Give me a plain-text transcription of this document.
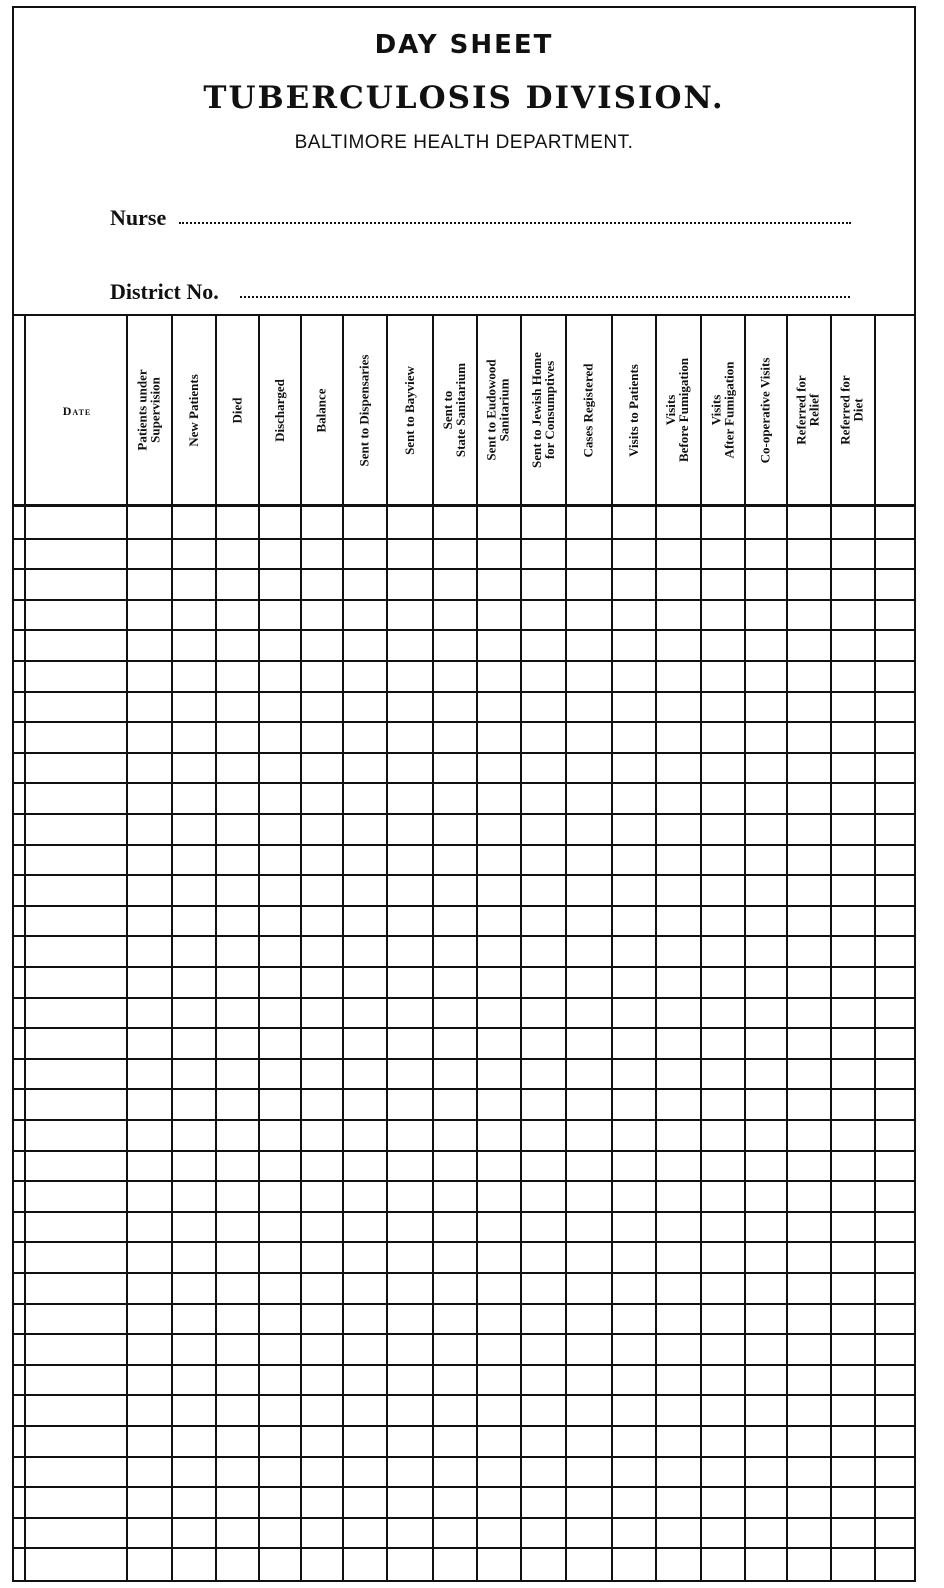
DAY SHEET
TUBERCULOSIS DIVISION.
BALTIMORE HEALTH DEPARTMENT.
Nurse
District No.
Date	Patients under
Supervision New Patients Died Discharged Balance Sent to Dispensaries Sent to Bayview Sent to
State Sanitarium Sent to Eudowood
Sanitarium Sent to Jewish Home
for Consumptives Cases Registered Visits to Patients Visits
Before Fumigation Visits
After Fumigation Co-operative Visits Referred for
Relief Referred for
Diet
